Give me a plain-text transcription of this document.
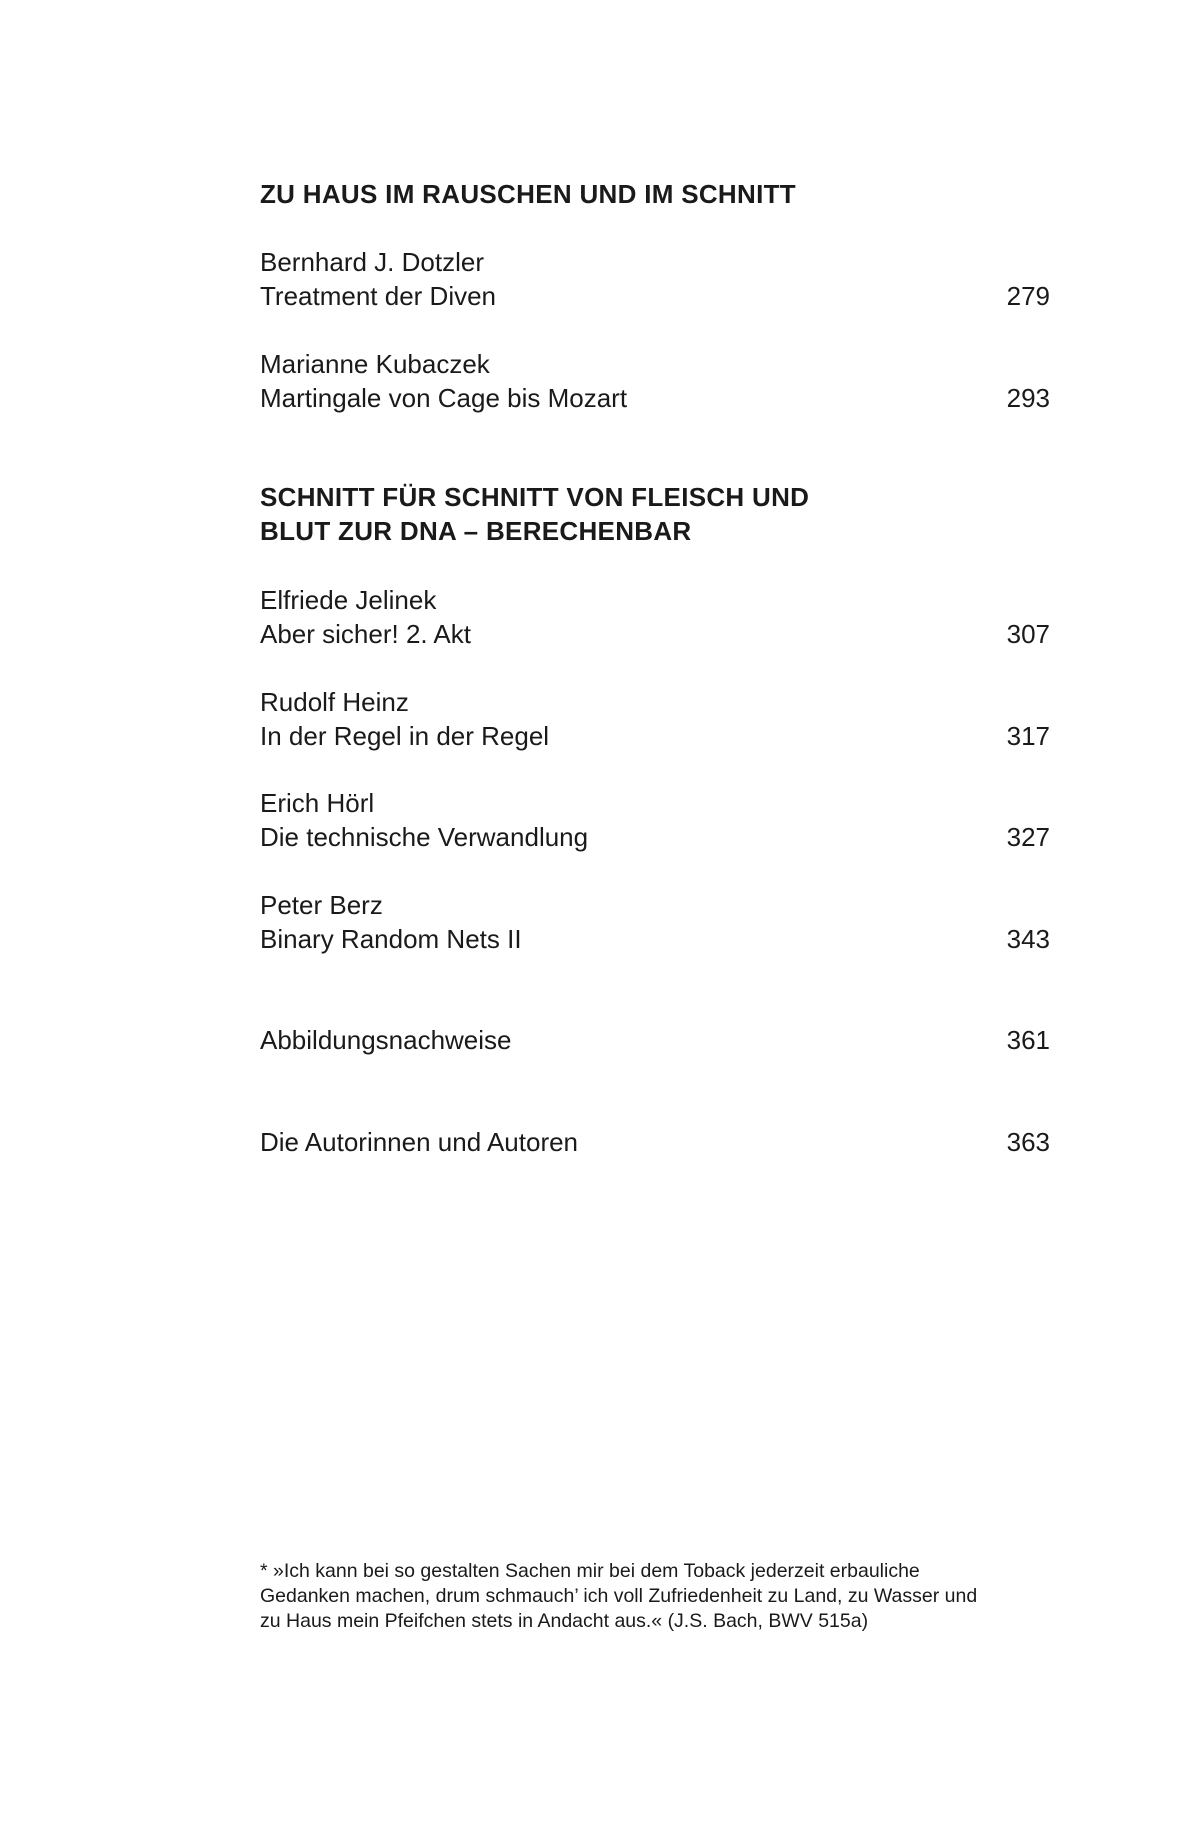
ZU HAUS IM RAUSCHEN UND IM SCHNITT
Bernhard J. Dotzler
Treatment der Diven	279
Marianne Kubaczek
Martingale von Cage bis Mozart	293
SCHNITT FÜR SCHNITT VON FLEISCH UND
BLUT ZUR DNA – BERECHENBAR
Elfriede Jelinek
Aber sicher! 2. Akt	307
Rudolf Heinz
In der Regel in der Regel	317
Erich Hörl
Die technische Verwandlung	327
Peter Berz
Binary Random Nets II	343
Abbildungsnachweise	361
Die Autorinnen und Autoren	363
* »Ich kann bei so gestalten Sachen mir bei dem Toback jederzeit erbauliche
Gedanken machen, drum schmauch’ ich voll Zufriedenheit zu Land, zu Wasser und
zu Haus mein Pfeifchen stets in Andacht aus.« (J.S. Bach, BWV 515a)
